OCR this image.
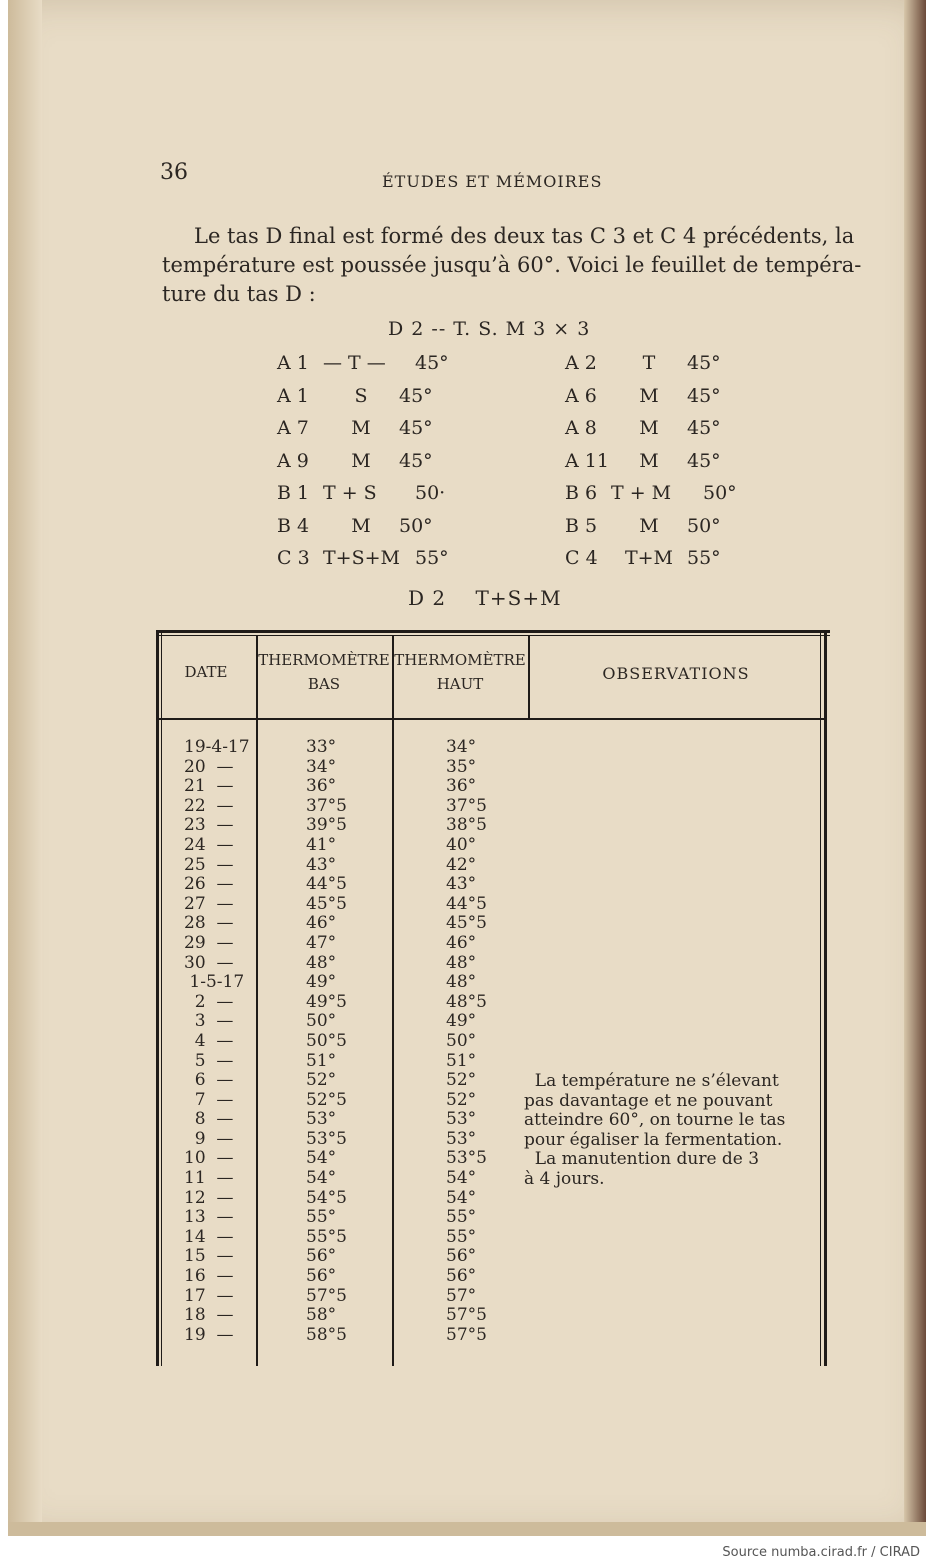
36	ÉTUDES ET MÉMOIRES
Le tas D final est formé des deux tas C 3 et C 4 précédents, la
température est poussée jusqu’à 60°. Voici le feuillet de tempéra-
ture du tas D :
D 2 -- T. S. M 3 ⨯ 3
A 1 — T — 45°
A 1 S 45°
A 7 M 45°
A 9 M 45°
B 1 T + S 50·
B 4 M 50°
C 3 T+S+M 55°
A 2 T 45°
A 6 M 45°
A 8 M 45°
A 11 M 45°
B 6 T + M 50°
B 5 M 50°
C 4 T+M 55°
D 2    T+S+M
DATE
THERMOMÈTRE
BAS
THERMOMÈTRE
HAUT
OBSERVATIONS
19-4-17
20  —
21  —
22  —
23  —
24  —
25  —
26  —
27  —
28  —
29  —
30  —
1-5-17
2  —
3  —
4  —
5  —
6  —
7  —
8  —
9  —
10  —
11  —
12  —
13  —
14  —
15  —
16  —
17  —
18  —
19  —
33°
34°
36°
37°5
39°5
41°
43°
44°5
45°5
46°
47°
48°
49°
49°5
50°
50°5
51°
52°
52°5
53°
53°5
54°
54°
54°5
55°
55°5
56°
56°
57°5
58°
58°5
34°
35°
36°
37°5
38°5
40°
42°
43°
44°5
45°5
46°
48°
48°
48°5
49°
50°
51°
52°
52°
53°
53°
53°5
54°
54°
55°
55°
56°
56°
57°
57°5
57°5
La température ne s’élevant
pas davantage et ne pouvant
atteindre 60°, on tourne le tas
pour égaliser la fermentation.
La manutention dure de 3
à 4 jours.
Source numba.cirad.fr / CIRAD
